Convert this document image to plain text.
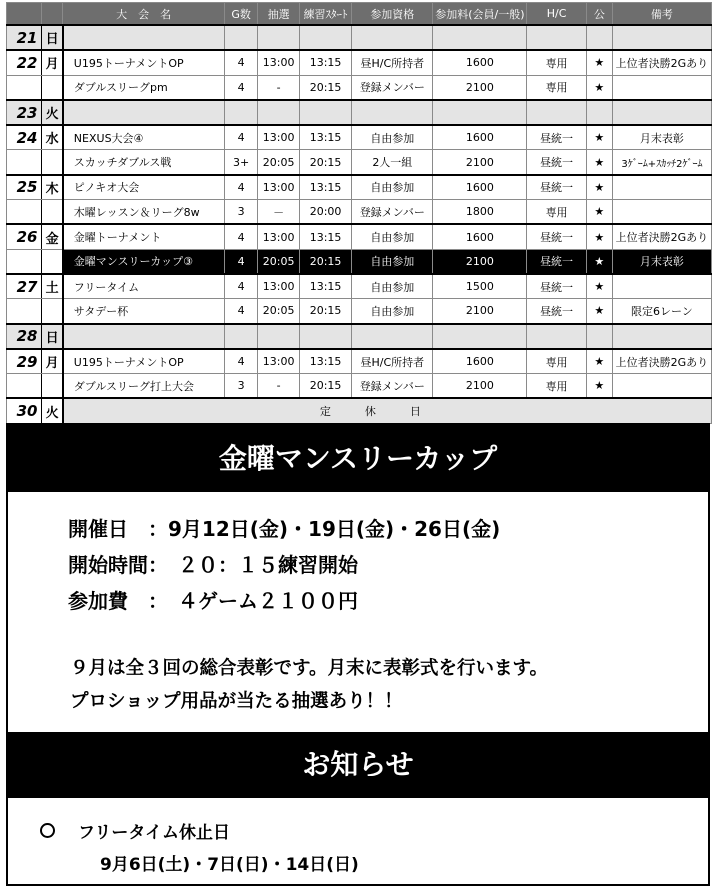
		大　会　名	G数	抽選	練習ｽﾀｰﾄ	参加資格	参加料(会員/一般)	H/C	公	備考
21	日									
22	月	U195トーナメントOP	4	13:00	13:15	昼H/C所持者	1600	専用	★	上位者決勝2Gあり
		ダブルスリーグpm	4	-	20:15	登録メンバー	2100	専用	★	
23	火									
24	水	NEXUS大会④	4	13:00	13:15	自由参加	1600	昼統一	★	月末表彰
		スカッチダブルス戦	3+	20:05	20:15	2人一組	2100	昼統一	★	3ｹﾞｰﾑ+ｽｶｯﾁ2ｹﾞｰﾑ
25	木	ピノキオ大会	4	13:00	13:15	自由参加	1600	昼統一	★	
		木曜レッスン＆リーグ8w	3	－	20:00	登録メンバー	1800	専用	★	
26	金	金曜トーナメント	4	13:00	13:15	自由参加	1600	昼統一	★	上位者決勝2Gあり
		金曜マンスリーカップ③	4	20:05	20:15	自由参加	2100	昼統一	★	月末表彰
27	土	フリータイム	4	13:00	13:15	自由参加	1500	昼統一	★	
		サタデー杯	4	20:05	20:15	自由参加	2100	昼統一	★	限定6レーン
28	日									
29	月	U195トーナメントOP	4	13:00	13:15	昼H/C所持者	1600	専用	★	上位者決勝2Gあり
		ダブルスリーグ打上大会	3	-	20:15	登録メンバー	2100	専用	★	
30	火	定休日								
金曜マンスリーカップ
開催日　：9月12日(金)・19日(金)・26日(金)
開始時間：　２０：１５練習開始
参加費　：　４ゲーム２１００円
９月は全３回の総合表彰です。月末に表彰式を行います。
プロショップ用品が当たる抽選あり！！
お知らせ
フリータイム休止日
9月6日(土)・7日(日)・14日(日)
